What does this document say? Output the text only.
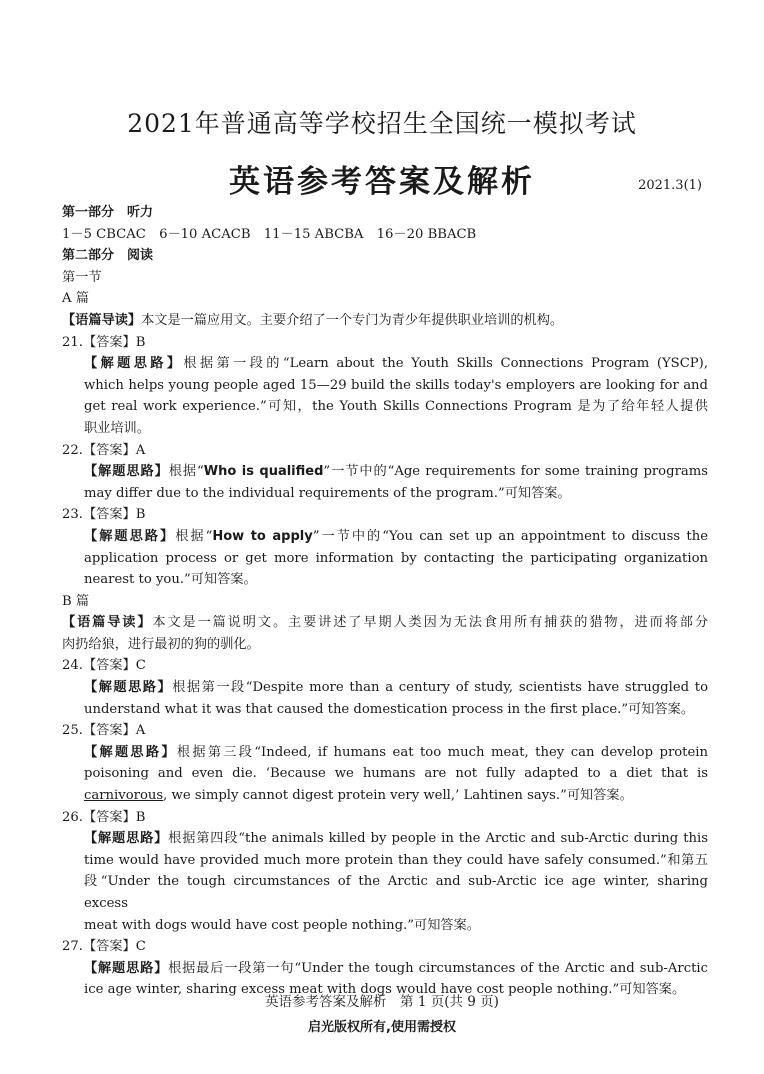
2021年普通高等学校招生全国统一模拟考试
英语参考答案及解析	2021.3(1)
第一部分　听力
1－5 CBCAC　6－10 ACACB　11－15 ABCBA　16－20 BBACB
第二部分　阅读
第一节
A 篇
【语篇导读】本文是一篇应用文。主要介绍了一个专门为青少年提供职业培训的机构。
21.【答案】B
【解题思路】根据第一段的“Learn about the Youth Skills Connections Program (YSCP),
which helps young people aged 15—29 build the skills today's employers are looking for and
get real work experience.”可知，the Youth Skills Connections Program 是为了给年轻人提供
职业培训。
22.【答案】A
【解题思路】根据“Who is qualified”一节中的“Age requirements for some training programs
may differ due to the individual requirements of the program.”可知答案。
23.【答案】B
【解题思路】根据“How to apply”一节中的“You can set up an appointment to discuss the
application process or get more information by contacting the participating organization
nearest to you.”可知答案。
B 篇
【语篇导读】本文是一篇说明文。主要讲述了早期人类因为无法食用所有捕获的猎物，进而将部分
肉扔给狼，进行最初的狗的驯化。
24.【答案】C
【解题思路】根据第一段“Despite more than a century of study, scientists have struggled to
understand what it was that caused the domestication process in the first place.”可知答案。
25.【答案】A
【解题思路】根据第三段“Indeed, if humans eat too much meat, they can develop protein
poisoning and even die. ‘Because we humans are not fully adapted to a diet that is
carnivorous, we simply cannot digest protein very well,’ Lahtinen says.”可知答案。
26.【答案】B
【解题思路】根据第四段“the animals killed by people in the Arctic and sub-Arctic during this
time would have provided much more protein than they could have safely consumed.”和第五
段“Under the tough circumstances of the Arctic and sub-Arctic ice age winter, sharing excess
meat with dogs would have cost people nothing.”可知答案。
27.【答案】C
【解题思路】根据最后一段第一句“Under the tough circumstances of the Arctic and sub-Arctic
ice age winter, sharing excess meat with dogs would have cost people nothing.”可知答案。
英语参考答案及解析　第 1 页(共 9 页)
启光版权所有,使用需授权
